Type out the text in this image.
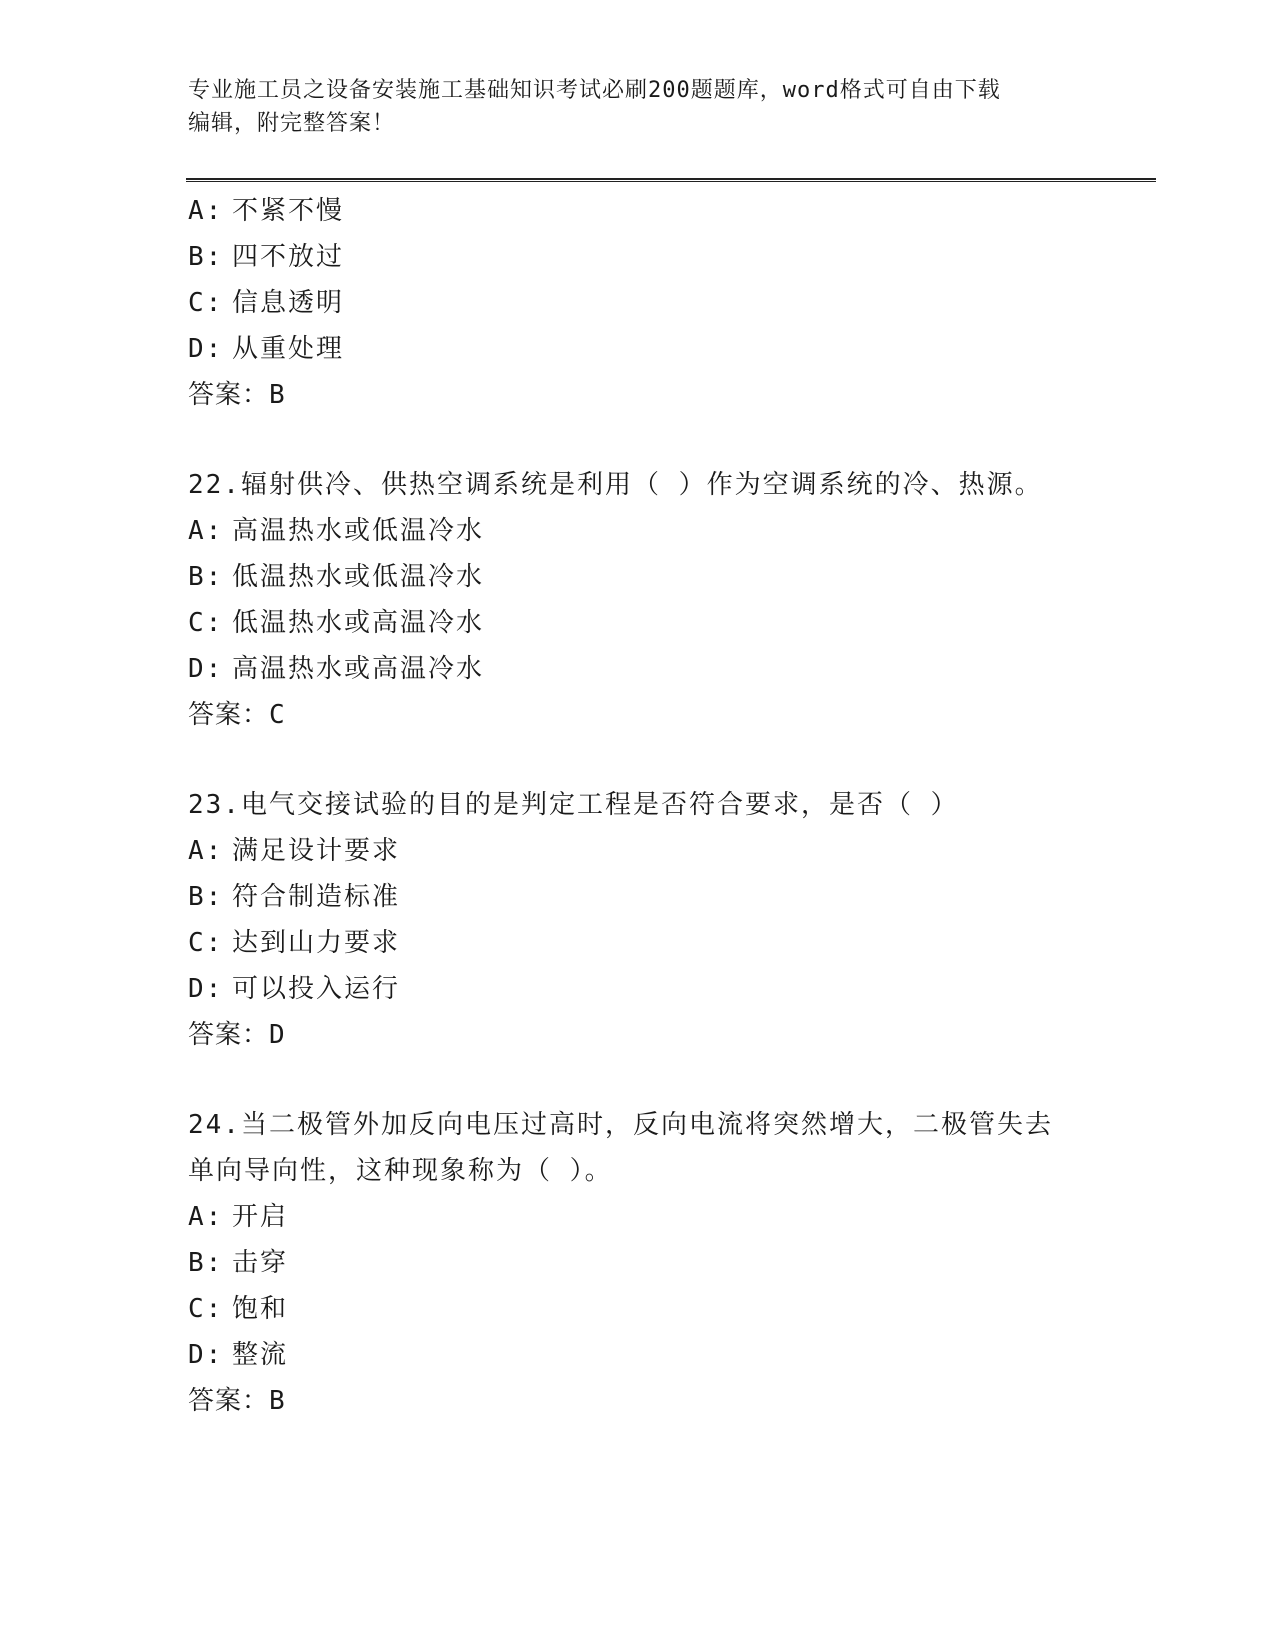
专业施工员之设备安装施工基础知识考试必刷200题题库，word格式可自由下载
编辑，附完整答案！
A: 不紧不慢
B: 四不放过
C: 信息透明
D: 从重处理
答案：B
22.辐射供冷、供热空调系统是利用（ ）作为空调系统的冷、热源。
A: 高温热水或低温冷水
B: 低温热水或低温冷水
C: 低温热水或高温冷水
D: 高温热水或高温冷水
答案：C
23.电气交接试验的目的是判定工程是否符合要求，是否（ ）
A: 满足设计要求
B: 符合制造标准
C: 达到山力要求
D: 可以投入运行
答案：D
24.当二极管外加反向电压过高时，反向电流将突然增大，二极管失去
单向导向性，这种现象称为（ ）。
A: 开启
B: 击穿
C: 饱和
D: 整流
答案：B
